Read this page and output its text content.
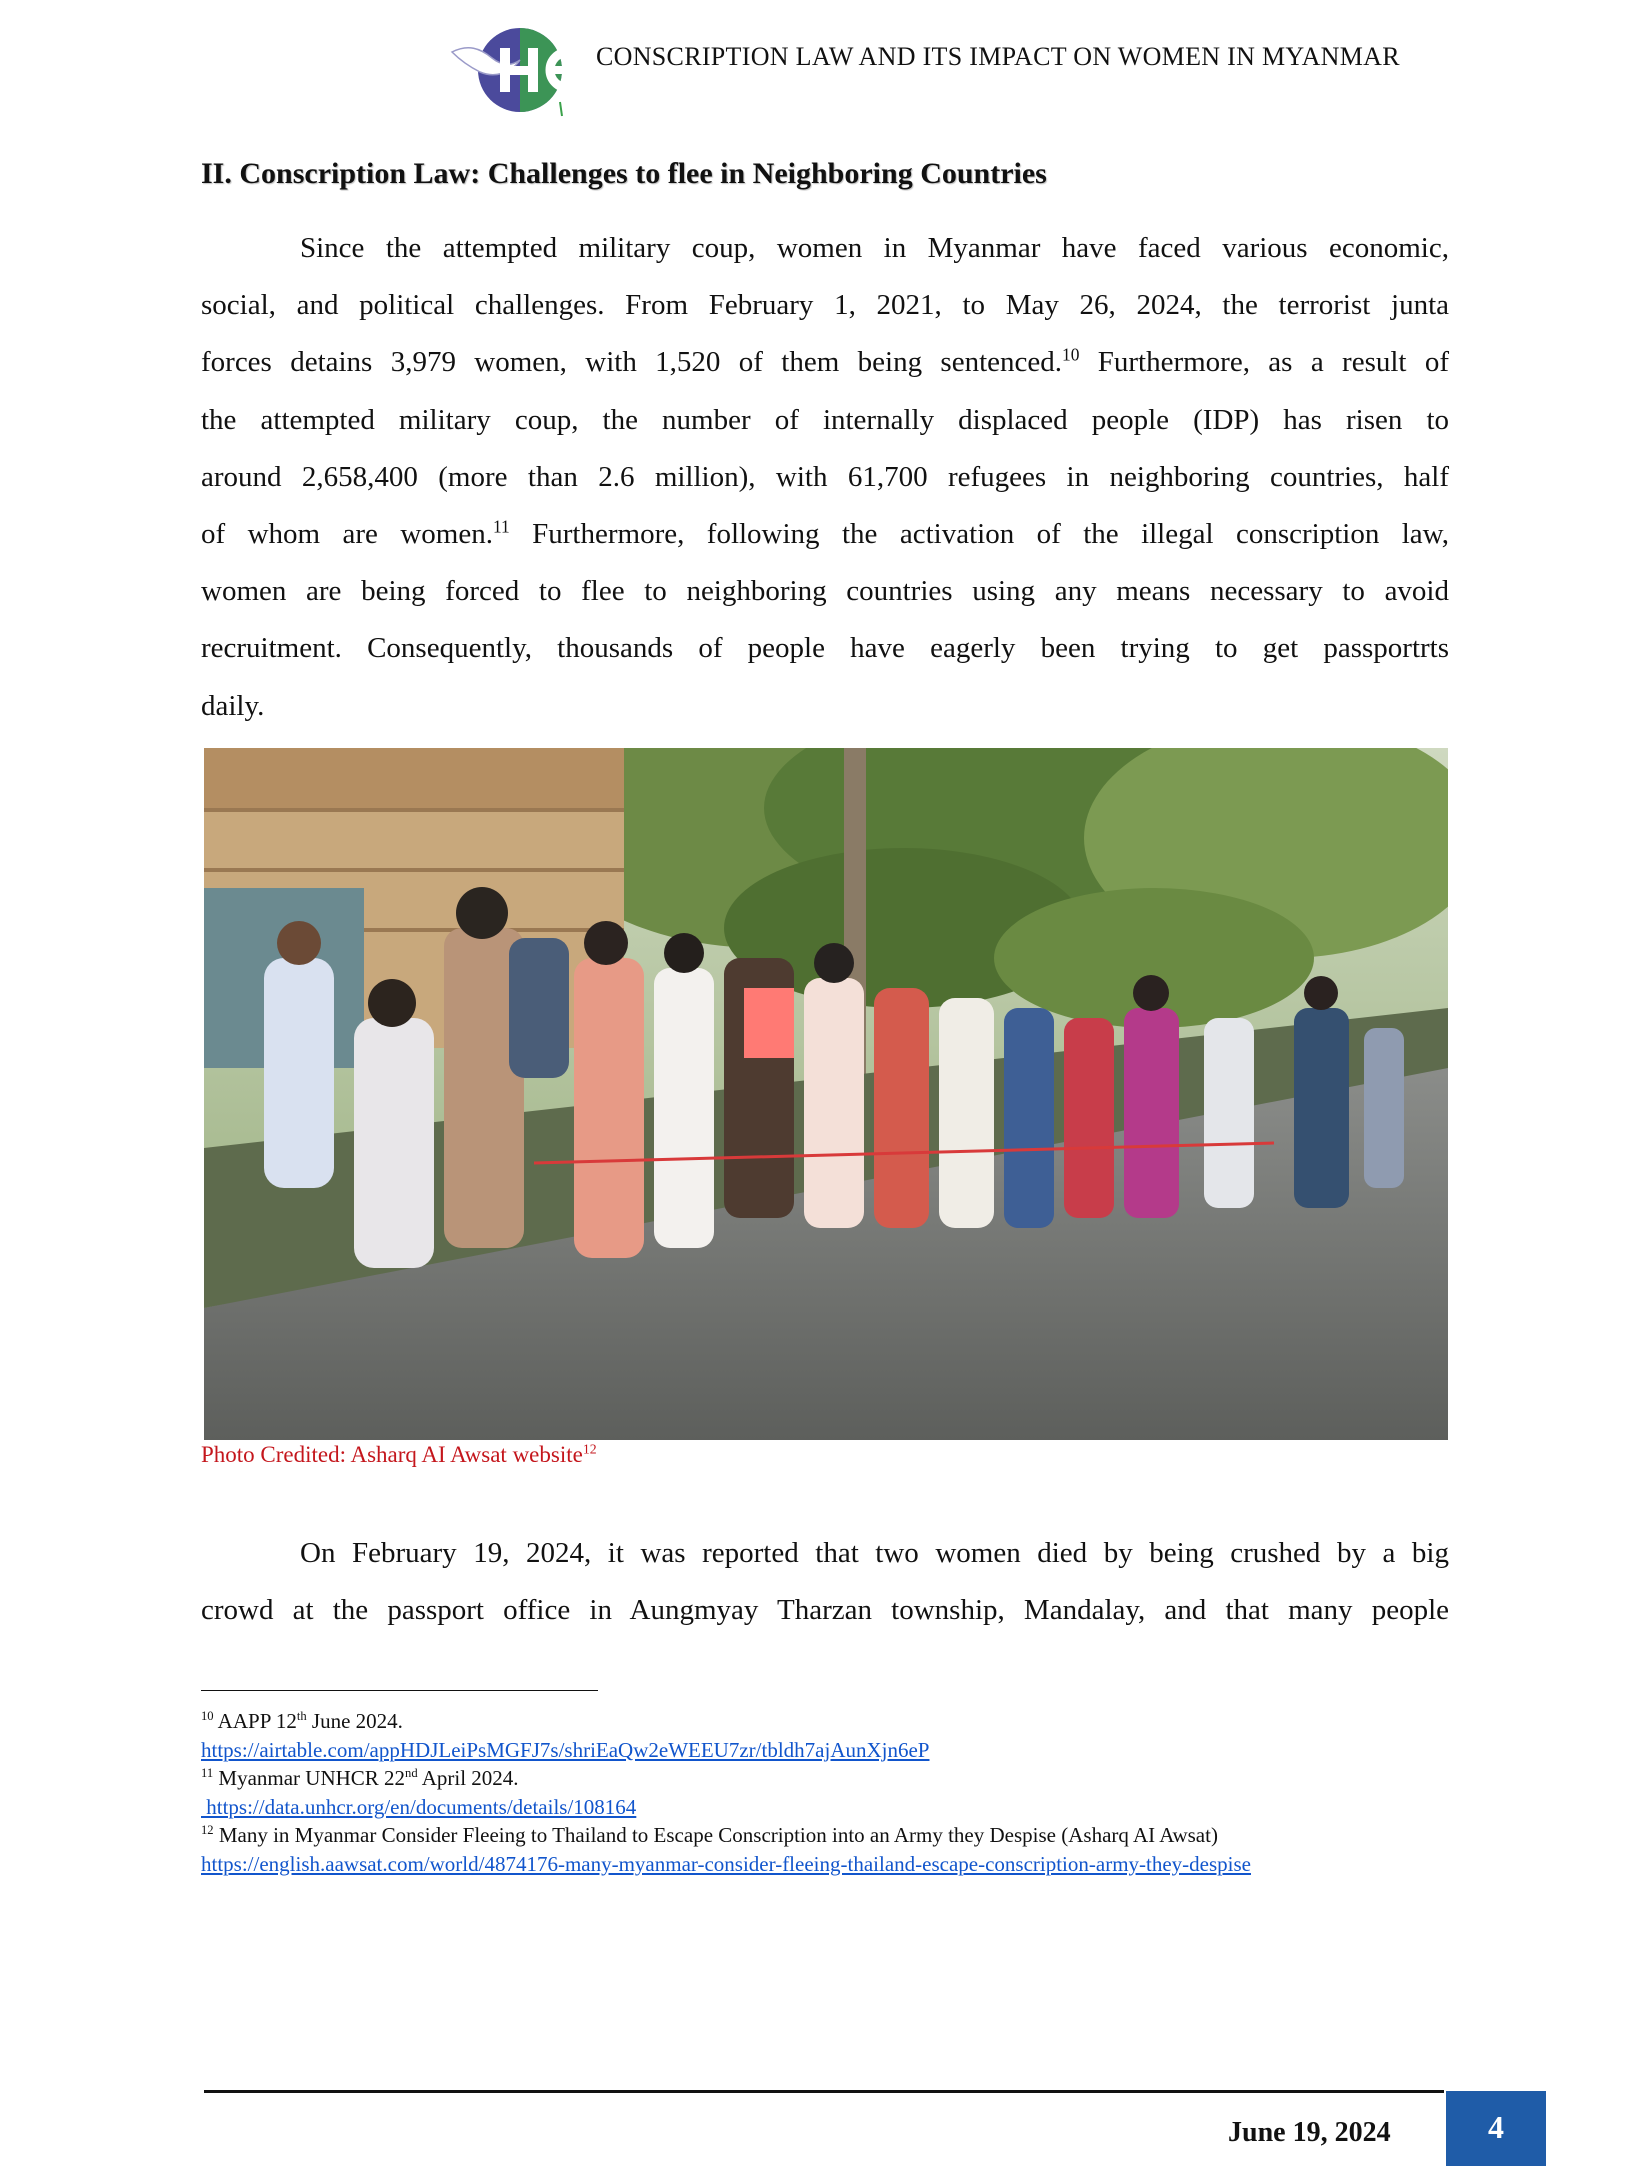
CONSCRIPTION LAW AND ITS IMPACT ON WOMEN IN MYANMAR
II. Conscription Law: Challenges to flee in Neighboring Countries
Since the attempted military coup, women in Myanmar have faced various economic,
social, and political challenges. From February 1, 2021, to May 26, 2024, the terrorist junta
forces detains 3,979 women, with 1,520 of them being sentenced.$^{10}$ Furthermore, as a result of
the attempted military coup, the number of internally displaced people (IDP) has risen to
around 2,658,400 (more than 2.6 million), with 61,700 refugees in neighboring countries, half
of whom are women.$^{11}$ Furthermore, following the activation of the illegal conscription law,
women are being forced to flee to neighboring countries using any means necessary to avoid
recruitment. Consequently, thousands of people have eagerly been trying to get passportrts
daily.
Photo Credited: Asharq AI Awsat website$^{12}$
On February 19, 2024, it was reported that two women died by being crushed by a big
crowd at the passport office in Aungmyay Tharzan township, Mandalay, and that many people
$^{10}$ AAPP 12th June 2024.
https://airtable.com/appHDJLeiPsMGFJ7s/shriEaQw2eWEEU7zr/tbldh7ajAunXjn6eP
$^{11}$ Myanmar UNHCR 22nd April 2024.
https://data.unhcr.org/en/documents/details/108164
$^{12}$ Many in Myanmar Consider Fleeing to Thailand to Escape Conscription into an Army they Despise (Asharq AI Awsat)
https://english.aawsat.com/world/4874176-many-myanmar-consider-fleeing-thailand-escape-conscription-army-they-despise
June 19, 2024	4
